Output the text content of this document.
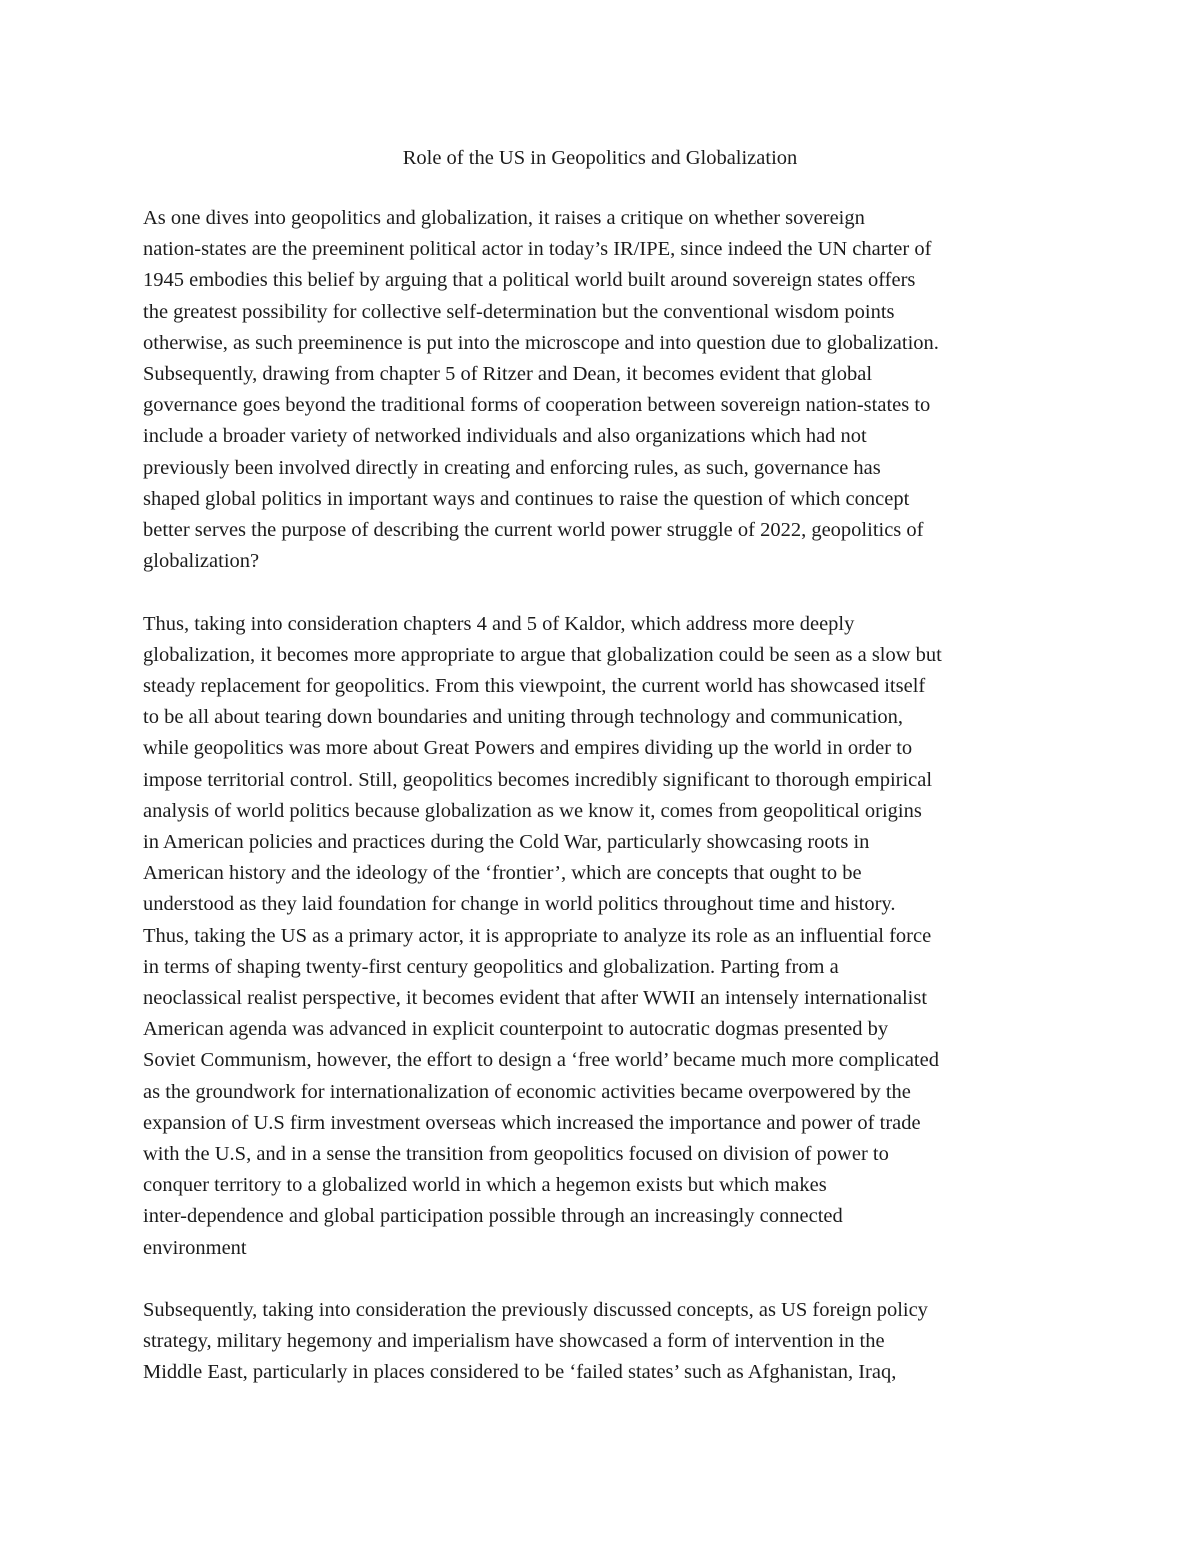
Role of the US in Geopolitics and Globalization

As one dives into geopolitics and globalization, it raises a critique on whether sovereign
nation-states are the preeminent political actor in today’s IR/IPE, since indeed the UN charter of
1945 embodies this belief by arguing that a political world built around sovereign states offers
the greatest possibility for collective self-determination but the conventional wisdom points
otherwise, as such preeminence is put into the microscope and into question due to globalization.
Subsequently, drawing from chapter 5 of Ritzer and Dean, it becomes evident that global
governance goes beyond the traditional forms of cooperation between sovereign nation-states to
include a broader variety of networked individuals and also organizations which had not
previously been involved directly in creating and enforcing rules, as such, governance has
shaped global politics in important ways and continues to raise the question of which concept
better serves the purpose of describing the current world power struggle of 2022, geopolitics of
globalization?

Thus, taking into consideration chapters 4 and 5 of Kaldor, which address more deeply
globalization, it becomes more appropriate to argue that globalization could be seen as a slow but
steady replacement for geopolitics. From this viewpoint, the current world has showcased itself
to be all about tearing down boundaries and uniting through technology and communication,
while geopolitics was more about Great Powers and empires dividing up the world in order to
impose territorial control. Still, geopolitics becomes incredibly significant to thorough empirical
analysis of world politics because globalization as we know it, comes from geopolitical origins
in American policies and practices during the Cold War, particularly showcasing roots in
American history and the ideology of the ‘frontier’, which are concepts that ought to be
understood as they laid foundation for change in world politics throughout time and history.
Thus, taking the US as a primary actor, it is appropriate to analyze its role as an influential force
in terms of shaping twenty-first century geopolitics and globalization. Parting from a
neoclassical realist perspective, it becomes evident that after WWII an intensely internationalist
American agenda was advanced in explicit counterpoint to autocratic dogmas presented by
Soviet Communism, however, the effort to design a ‘free world’ became much more complicated
as the groundwork for internationalization of economic activities became overpowered by the
expansion of U.S firm investment overseas which increased the importance and power of trade
with the U.S, and in a sense the transition from geopolitics focused on division of power to
conquer territory to a globalized world in which a hegemon exists but which makes
inter-dependence and global participation possible through an increasingly connected
environment

Subsequently, taking into consideration the previously discussed concepts, as US foreign policy
strategy, military hegemony and imperialism have showcased a form of intervention in the
Middle East, particularly in places considered to be ‘failed states’ such as Afghanistan, Iraq,
